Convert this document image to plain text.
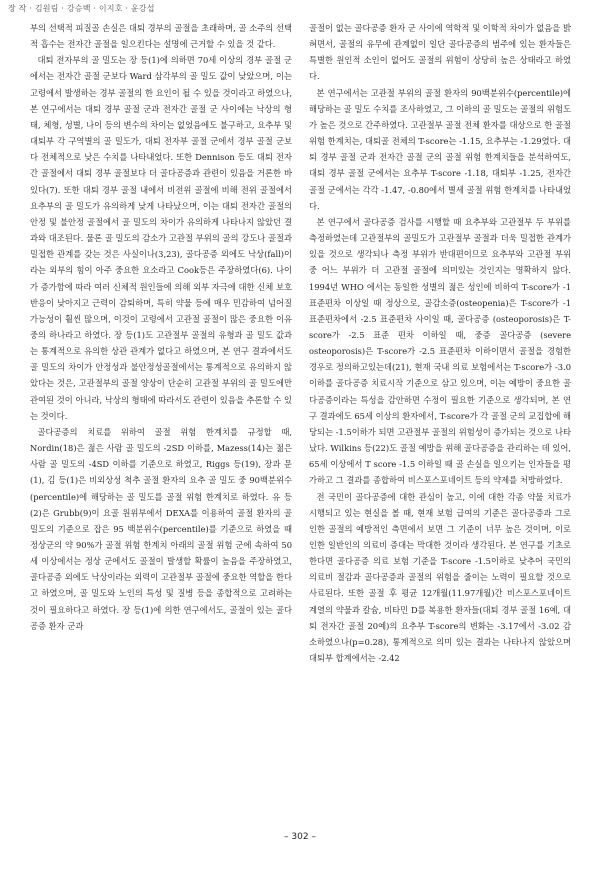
장 작 · 김원림 · 강승백 · 이지호 · 윤강섭

부의 선택적 피질골 손실은 대퇴 경부의 골절을 초래하며, 골 소주의 선택적 흡수는 전자간 골절을 일으킨다는 설명에 근거할 수 있을 것 같다.

대퇴 전자부의 골 밀도는 장 등(1)에 의하면 70세 이상의 경부 골절 군에서는 전자간 골절 군보다 Ward 삼각부의 골 밀도 값이 낮았으며, 이는 고령에서 발생하는 경부 골절의 한 요인이 될 수 있을 것이라고 하였으나, 본 연구에서는 대퇴 경부 골절 군과 전자간 골절 군 사이에는 낙상의 형태, 체형, 성별, 나이 등의 변수의 차이는 없었음에도 불구하고, 요추부 및 대퇴부 각 구역별의 골 밀도가, 대퇴 전자부 골절 군에서 경부 골절 군보다 전체적으로 낮은 수치를 나타내었다. 또한 Dennison 등도 대퇴 전자간 골절에서 대퇴 경부 골절보다 더 골다공증과 관련이 있음을 거론한 바 있다(7). 또한 대퇴 경부 골절 내에서 비전위 골절에 비해 전위 골절에서 요추부의 골 밀도가 유의하게 낮게 나타났으며, 이는 대퇴 전자간 골절의 안정 및 불안정 골절에서 골 밀도의 차이가 유의하게 나타나지 않았던 결과와 대조된다. 물론 골 밀도의 감소가 고관절 부위의 골의 강도나 골절과 밀접한 관계를 갖는 것은 사실이나(3,23), 골다공증 외에도 낙상(fall)이라는 외부의 힘이 아주 중요한 요소라고 Cook등은 주장하였다(6). 나이가 증가함에 따라 여러 신체적 원인들에 의해 외부 자극에 대한 신체 보호 반응이 낮아지고 근력이 감퇴하며, 특히 약물 등에 매우 민감하여 넘어질 가능성이 훨씬 많으며, 이것이 고령에서 고관절 골절이 많은 중요한 이유 중의 하나라고 하였다. 장 등(1)도 고관절부 골절의 유형과 골 밀도 값과는 통계적으로 유의한 상관 관계가 없다고 하였으며, 본 연구 결과에서도 골 밀도의 차이가 안정성과 불안정성골절에서는 통계적으로 유의하지 않았다는 것은, 고관절부의 골절 양상이 단순히 고관절 부위의 골 밀도에만 관여된 것이 아니라, 낙상의 형태에 따라서도 관련이 있음을 추론할 수 있는 것이다.

골다공증의 치료를 위하여 골절 위험 한계치를 규정할 때, Nordin(18)은 젊은 사람 골 밀도의 -2SD 이하를, Mazess(14)는 젊은 사람 골 밀도의 -4SD 이하를 기준으로 하였고, Riggs 등(19), 장과 문(1), 김 등(1)은 비외상성 척추 골절 환자의 요추 골 밀도 중 90백분위수(percentile)에 해당하는 골 밀도를 골절 위험 한계치로 하였다. 유 등(2)은 Grubb(9)이 요골 원위부에서 DEXA를 이용하여 골절 환자의 골 밀도의 기준으로 잡은 95 백분위수(percentile)를 기준으로 하였을 때 정상군의 약 90%가 골절 위험 한계치 아래의 골절 위험 군에 속하여 50세 이상에서는 정상 군에서도 골절이 발생할 확률이 높음을 주장하였고, 골다공증 외에도 낙상이라는 외력이 고관절부 골절에 중요한 역할을 한다고 하였으며, 골 밀도와 노인의 특성 및 질병 등을 종합적으로 고려하는 것이 필요하다고 하였다. 장 등(1)에 의한 연구에서도, 골절이 있는 골다공증 환자 군과

골절이 없는 골다공증 환자 군 사이에 역학적 및 이학적 차이가 없음을 밝혀면서, 골절의 유무에 관계없이 일단 골다공증의 범주에 있는 환자들은 특별한 원인적 소인이 없어도 골절의 위험이 상당히 높은 상태라고 하였다.

본 연구에서는 고관절 부위의 골절 환자의 90백분위수(percentile)에 해당하는 골 밀도 수치를 조사하였고, 그 이하의 골 밀도는 골절의 위험도가 높은 것으로 간주하였다. 고관절부 골절 전체 환자를 대상으로 한 골절 위험 한계치는, 대퇴골 전체의 T-score는 -1.15, 요추부는 -1.29였다. 대퇴 경부 골절 군과 전자간 골절 군의 골절 위험 한계치들을 분석하여도, 대퇴 경부 골절 군에서는 요추부 T-score -1.18, 대퇴부 -1.25, 전자간 골절 군에서는 각각 -1.47, -0.80에서 별세 골절 위험 한계치를 나타내었다.

본 연구에서 골다공증 검사를 시행할 때 요추부와 고관절부 두 부위를 측정하였는데 고관절부의 골밀도가 고관절부 골절과 더욱 밀접한 관계가 있을 것으로 생각되나 측정 부위가 반대편이므로 요추부와 고관절 부위 중 어느 부위가 더 고관절 골절에 의미있는 것인지는 명확하지 않다. 1994년 WHO 에서는 동일한 성별의 젊은 성인에 비하여 T-score가 -1 표준편차 이상일 때 정상으로, 골감소증(osteopenia)은 T-score가 -1 표준편차에서 -2.5 표준편차 사이일 때, 골다공증 (osteoporosis)은 T-score가 -2.5 표준 편차 이하일 때, 중증 골다공증 (severe osteoporosis)은 T-score가 -2.5 표준편차 이하이면서 골절을 경험한 경우로 정의하고있는데(21), 현재 국내 의료 보험에서는 T-score가 -3.0 이하를 골다공증 치료시작 기준으로 삼고 있으며, 이는 예방이 중요한 골다공증이라는 특성을 감안하면 수정이 필요한 기준으로 생각되며, 본 연구 결과에도 65세 이상의 환자에서, T-score가 각 골절 군의 교집합에 해당되는 -1.5이하가 되면 고관절부 골절의 위험성이 증가되는 것으로 나타났다. Wilkins 등(22)도 골절 예방을 위해 골다공증을 관리하는 데 있어, 65세 이상에서 T score -1.5 이하일 때 골 손실을 일으키는 인자들을 평가하고 그 결과를 종합하여 비스포스포네이트 등의 약제를 처방하였다.

전 국민이 골다공증에 대한 관심이 높고, 이에 대한 각종 약물 치료가 시행되고 있는 현실을 볼 때, 현재 보험 급여의 기준은 골다공증과 그로 인한 골절의 예방적인 측면에서 보면 그 기준이 너무 높은 것이며, 이로 인한 일반인의 의료비 증대는 막대한 것이라 생각된다. 본 연구를 기초로 한다면 골다공증 의료 보험 기준을 T-score -1.5이하로 낮추어 국민의 의료비 절감과 골다공증과 골절의 위험을 줄이는 노력이 필요할 것으로 사료된다. 또한 골절 후 평균 12개월(11.97개월)간 비스포스포네이트 계열의 약물과 칼슘, 비타민 D를 복용한 환자들(대퇴 경부 골절 16예, 대퇴 전자간 골절 20예)의 요추부 T-score의 변화는 -3.17에서 -3.02 감소하였으나(p=0.28), 통계적으로 의미 있는 결과는 나타나지 않았으며 대퇴부 합계에서는 -2.42

– 302 –
